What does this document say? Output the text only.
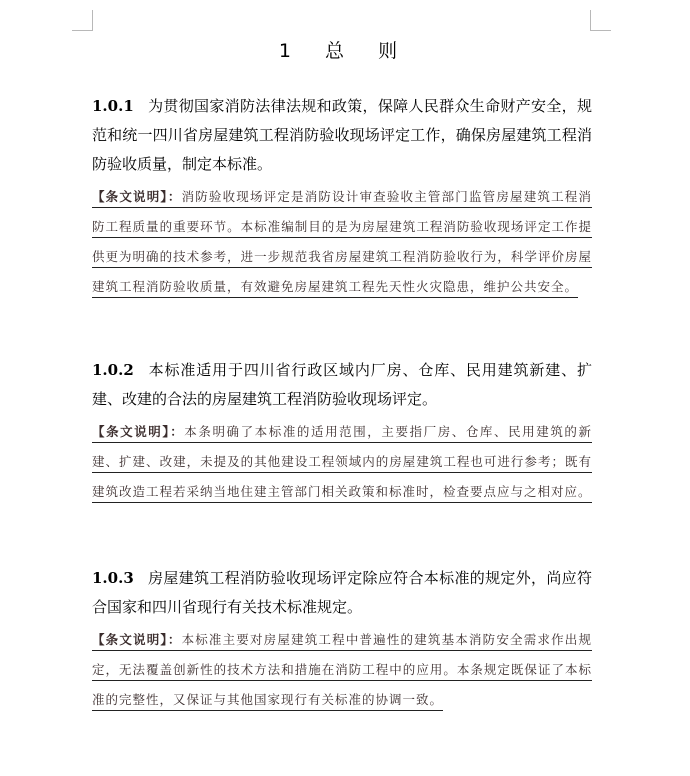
1 总 则
1.0.1 为贯彻国家消防法律法规和政策，保障人民群众生命财产安全，规范和统一四川省房屋建筑工程消防验收现场评定工作，确保房屋建筑工程消防验收质量，制定本标准。
【条文说明】：消防验收现场评定是消防设计审查验收主管部门监管房屋建筑工程消防工程质量的重要环节。本标准编制目的是为房屋建筑工程消防验收现场评定工作提供更为明确的技术参考，进一步规范我省房屋建筑工程消防验收行为，科学评价房屋建筑工程消防验收质量，有效避免房屋建筑工程先天性火灾隐患，维护公共安全。
1.0.2 本标准适用于四川省行政区域内厂房、仓库、民用建筑新建、扩建、改建的合法的房屋建筑工程消防验收现场评定。
【条文说明】：本条明确了本标准的适用范围，主要指厂房、仓库、民用建筑的新建、扩建、改建，未提及的其他建设工程领域内的房屋建筑工程也可进行参考；既有建筑改造工程若采纳当地住建主管部门相关政策和标准时，检查要点应与之相对应。
1.0.3 房屋建筑工程消防验收现场评定除应符合本标准的规定外，尚应符合国家和四川省现行有关技术标准规定。
【条文说明】：本标准主要对房屋建筑工程中普遍性的建筑基本消防安全需求作出规定，无法覆盖创新性的技术方法和措施在消防工程中的应用。本条规定既保证了本标准的完整性，又保证与其他国家现行有关标准的协调一致。
